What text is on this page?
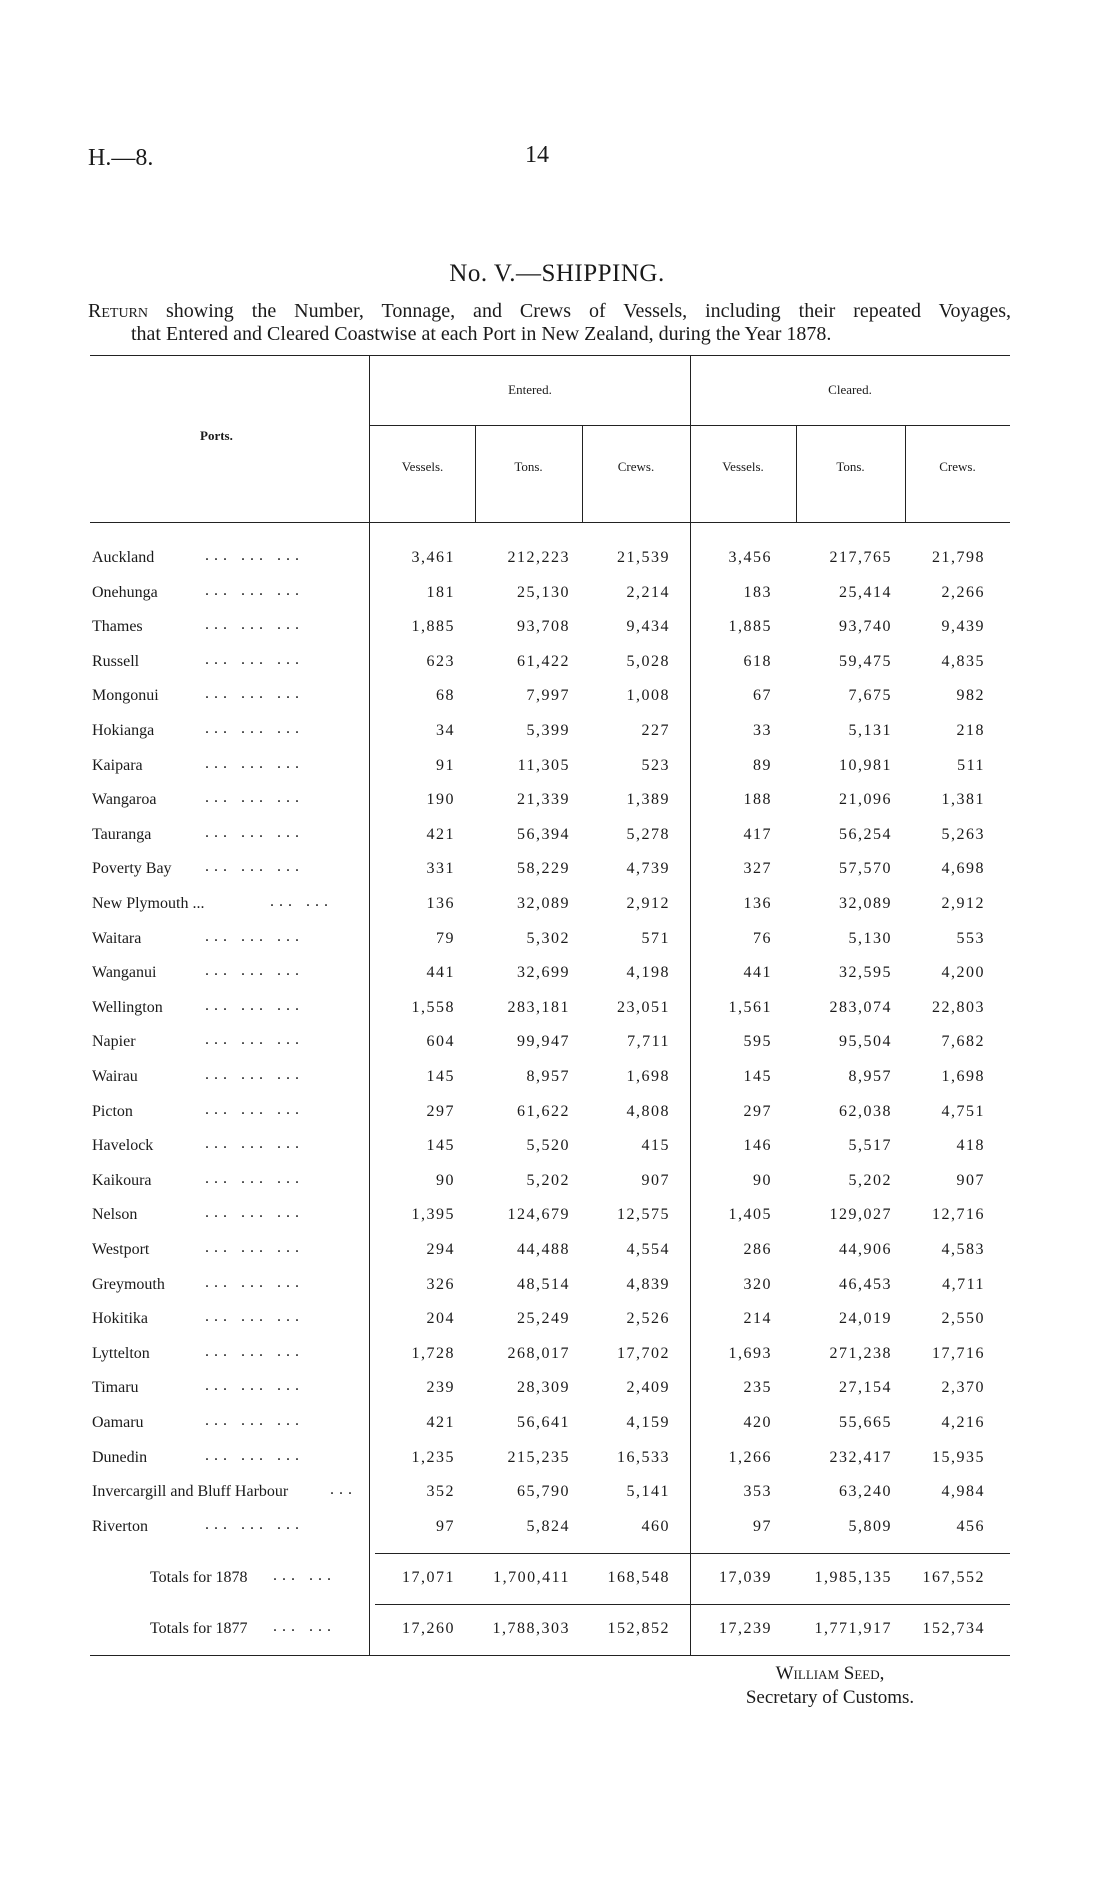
H.—8.	14
No. V.—SHIPPING.
Return showing the Number, Tonnage, and Crews of Vessels, including their repeated Voyages,
that Entered and Cleared Coastwise at each Port in New Zealand, during the Year 1878.
Ports.
Entered.	Cleared.
Vessels.	Tons.	Crews.	Vessels.	Tons.	Crews.
Auckland	... ... ...	3,461	212,223	21,539	3,456	217,765	21,798
Onehunga	... ... ...	181	25,130	2,214	183	25,414	2,266
Thames	... ... ...	1,885	93,708	9,434	1,885	93,740	9,439
Russell	... ... ...	623	61,422	5,028	618	59,475	4,835
Mongonui	... ... ...	68	7,997	1,008	67	7,675	982
Hokianga	... ... ...	34	5,399	227	33	5,131	218
Kaipara	... ... ...	91	11,305	523	89	10,981	511
Wangaroa	... ... ...	190	21,339	1,389	188	21,096	1,381
Tauranga	... ... ...	421	56,394	5,278	417	56,254	5,263
Poverty Bay ... ... ...	331	58,229	4,739	327	57,570	4,698
New Plymouth ...	... ...	136	32,089	2,912	136	32,089	2,912
Waitara	... ... ...	79	5,302	571	76	5,130	553
Wanganui	... ... ...	441	32,699	4,198	441	32,595	4,200
Wellington	... ... ...	1,558	283,181	23,051	1,561	283,074	22,803
Napier	... ... ...	604	99,947	7,711	595	95,504	7,682
Wairau	... ... ...	145	8,957	1,698	145	8,957	1,698
Picton	... ... ...	297	61,622	4,808	297	62,038	4,751
Havelock	... ... ...	145	5,520	415	146	5,517	418
Kaikoura	... ... ...	90	5,202	907	90	5,202	907
Nelson	... ... ...	1,395	124,679	12,575	1,405	129,027	12,716
Westport	... ... ...	294	44,488	4,554	286	44,906	4,583
Greymouth	... ... ...	326	48,514	4,839	320	46,453	4,711
Hokitika	... ... ...	204	25,249	2,526	214	24,019	2,550
Lyttelton	... ... ...	1,728	268,017	17,702	1,693	271,238	17,716
Timaru	... ... ...	239	28,309	2,409	235	27,154	2,370
Oamaru	... ... ...	421	56,641	4,159	420	55,665	4,216
Dunedin	... ... ...	1,235	215,235	16,533	1,266	232,417	15,935
Invercargill and Bluff Harbour	...	352	65,790	5,141	353	63,240	4,984
Riverton	... ... ...	97	5,824	460	97	5,809	456
Totals for 1878 ... ...	17,071	1,700,411	168,548	17,039	1,985,135	167,552
Totals for 1877 ... ...	17,260	1,788,303	152,852	17,239	1,771,917	152,734
William Seed,
Secretary of Customs.
